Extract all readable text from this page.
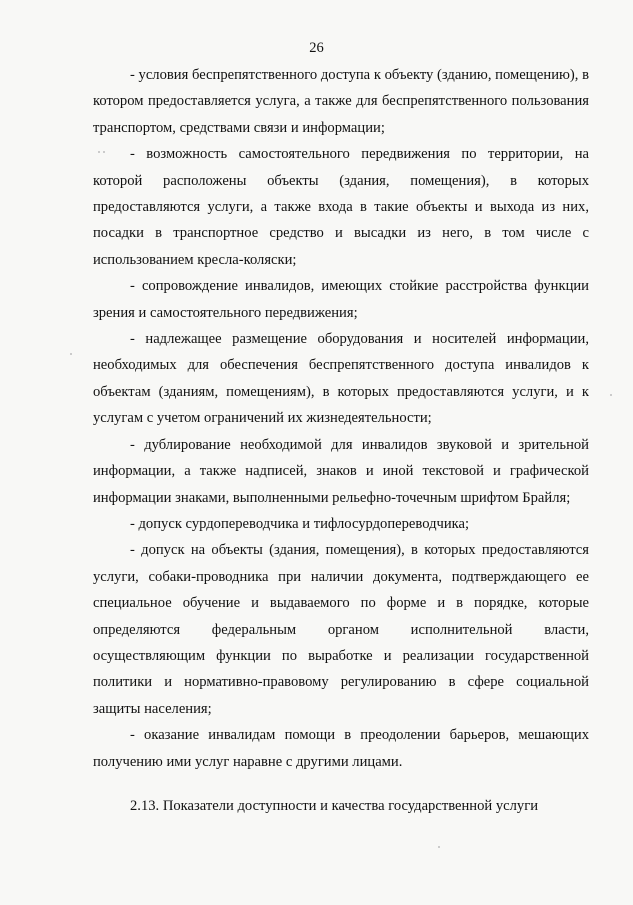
26

- условия беспрепятственного доступа к объекту (зданию, помещению), в котором предоставляется услуга, а также для беспрепятственного пользования транспортом, средствами связи и информации;

- возможность самостоятельного передвижения по территории, на которой расположены объекты (здания, помещения), в которых предоставляются услуги, а также входа в такие объекты и выхода из них, посадки в транспортное средство и высадки из него, в том числе с использованием кресла-коляски;

- сопровождение инвалидов, имеющих стойкие расстройства функции зрения и самостоятельного передвижения;

- надлежащее размещение оборудования и носителей информации, необходимых для обеспечения беспрепятственного доступа инвалидов к объектам (зданиям, помещениям), в которых предоставляются услуги, и к услугам с учетом ограничений их жизнедеятельности;

- дублирование необходимой для инвалидов звуковой и зрительной информации, а также надписей, знаков и иной текстовой и графической информации знаками, выполненными рельефно-точечным шрифтом Брайля;

- допуск сурдопереводчика и тифлосурдопереводчика;

- допуск на объекты (здания, помещения), в которых предоставляются услуги, собаки-проводника при наличии документа, подтверждающего ее специальное обучение и выдаваемого по форме и в порядке, которые определяются федеральным органом исполнительной власти, осуществляющим функции по выработке и реализации государственной политики и нормативно-правовому регулированию в сфере социальной защиты населения;

- оказание инвалидам помощи в преодолении барьеров, мешающих получению ими услуг наравне с другими лицами.

2.13. Показатели доступности и качества государственной услуги
